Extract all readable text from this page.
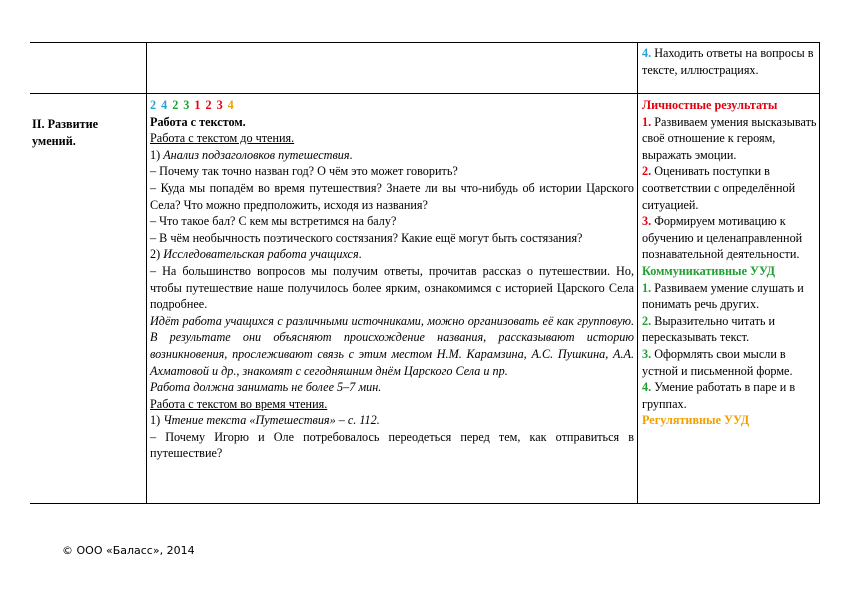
II. Развитие умений.
4. Находить ответы на вопросы в тексте, иллюстрациях.

2 4 2 3 1 2 3 4

Работа с текстом.

Работа с текстом до чтения.

1) Анализ подзаголовков путешествия.

– Почему так точно назван год? О чём это может говорить?

– Куда мы попадём во время путешествия? Знаете ли вы что-нибудь об истории Царского Села? Что можно предположить, исходя из названия?

– Что такое бал? С кем мы встретимся на балу?

– В чём необычность поэтического состязания? Какие ещё могут быть состязания?

2) Исследовательская работа учащихся.

– На большинство вопросов мы получим ответы, прочитав рассказ о путешествии. Но, чтобы путешествие наше получилось более ярким, ознакомимся с историей Царского Села подробнее.

Идёт работа учащихся с различными источниками, можно организовать её как групповую. В результате они объясняют происхождение названия, рассказывают историю возникновения, прослеживают связь с этим местом Н.М. Карамзина, А.С. Пушкина, А.А. Ахматовой и др., знакомят с сегодняшним днём Царского Села и пр.

Работа должна занимать не более 5–7 мин.

Работа с текстом во время чтения.

1) Чтение текста «Путешествия» – с. 112.

– Почему Игорю и Оле потребовалось переодеться перед тем, как отправиться в путешествие?

Личностные результаты

1. Развиваем умения высказывать своё отношение к героям, выражать эмоции.

2. Оценивать поступки в соответствии с определённой ситуацией.

3. Формируем мотивацию к обучению и целенаправленной познавательной деятельности.

Коммуникативные УУД

1. Развиваем умение слушать и понимать речь других.

2. Выразительно читать и пересказывать текст.

3. Оформлять свои мысли в устной и письменной форме.

4. Умение работать в паре и в группах.

Регулятивные УУД

© ООО «Баласс», 2014
